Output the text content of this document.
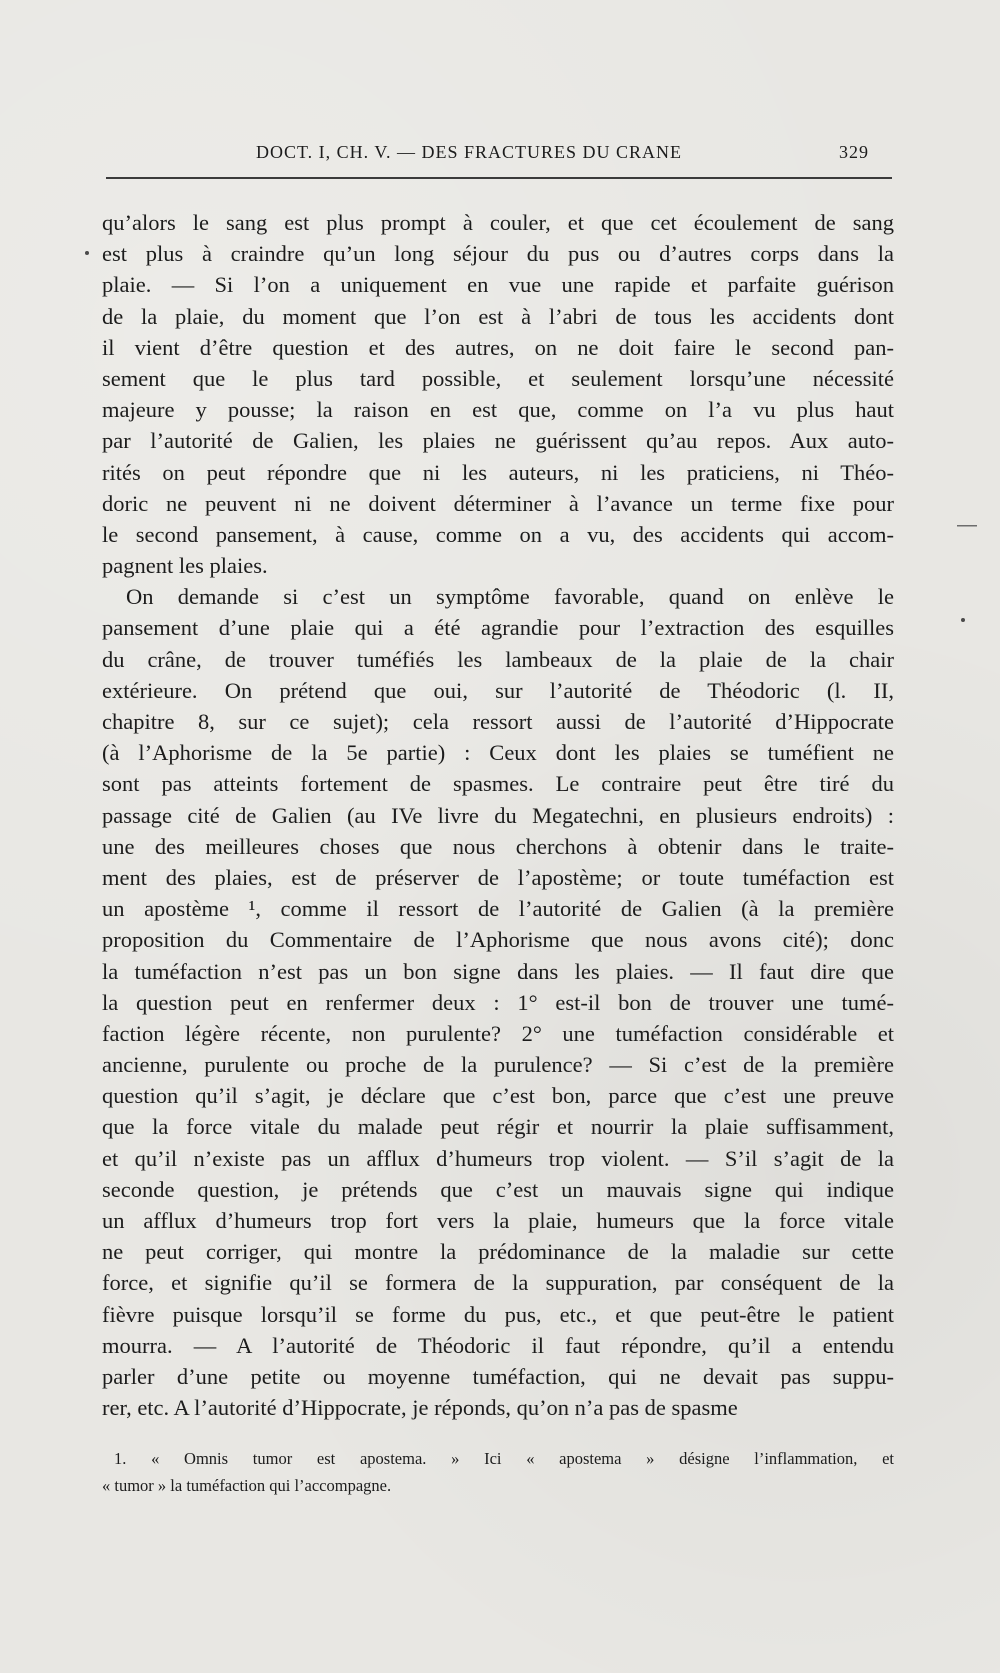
DOCT. I, CH. V. — DES FRACTURES DU CRANE	329
qu’alors le sang est plus prompt à couler, et que cet écoulement de sang
est plus à craindre qu’un long séjour du pus ou d’autres corps dans la
plaie. — Si l’on a uniquement en vue une rapide et parfaite guérison
de la plaie, du moment que l’on est à l’abri de tous les accidents dont
il vient d’être question et des autres, on ne doit faire le second pan-
sement que le plus tard possible, et seulement lorsqu’une nécessité
majeure y pousse; la raison en est que, comme on l’a vu plus haut
par l’autorité de Galien, les plaies ne guérissent qu’au repos. Aux auto-
rités on peut répondre que ni les auteurs, ni les praticiens, ni Théo-
doric ne peuvent ni ne doivent déterminer à l’avance un terme fixe pour
le second pansement, à cause, comme on a vu, des accidents qui accom-
pagnent les plaies.
On demande si c’est un symptôme favorable, quand on enlève le
pansement d’une plaie qui a été agrandie pour l’extraction des esquilles
du crâne, de trouver tuméfiés les lambeaux de la plaie de la chair
extérieure. On prétend que oui, sur l’autorité de Théodoric (l. II,
chapitre 8, sur ce sujet); cela ressort aussi de l’autorité d’Hippocrate
(à l’Aphorisme de la 5e partie) : Ceux dont les plaies se tuméfient ne
sont pas atteints fortement de spasmes. Le contraire peut être tiré du
passage cité de Galien (au IVe livre du Megatechni, en plusieurs endroits) :
une des meilleures choses que nous cherchons à obtenir dans le traite-
ment des plaies, est de préserver de l’apostème; or toute tuméfaction est
un apostème ¹, comme il ressort de l’autorité de Galien (à la première
proposition du Commentaire de l’Aphorisme que nous avons cité); donc
la tuméfaction n’est pas un bon signe dans les plaies. — Il faut dire que
la question peut en renfermer deux : 1° est-il bon de trouver une tumé-
faction légère récente, non purulente? 2° une tuméfaction considérable et
ancienne, purulente ou proche de la purulence? — Si c’est de la première
question qu’il s’agit, je déclare que c’est bon, parce que c’est une preuve
que la force vitale du malade peut régir et nourrir la plaie suffisamment,
et qu’il n’existe pas un afflux d’humeurs trop violent. — S’il s’agit de la
seconde question, je prétends que c’est un mauvais signe qui indique
un afflux d’humeurs trop fort vers la plaie, humeurs que la force vitale
ne peut corriger, qui montre la prédominance de la maladie sur cette
force, et signifie qu’il se formera de la suppuration, par conséquent de la
fièvre puisque lorsqu’il se forme du pus, etc., et que peut-être le patient
mourra. — A l’autorité de Théodoric il faut répondre, qu’il a entendu
parler d’une petite ou moyenne tuméfaction, qui ne devait pas suppu-
rer, etc. A l’autorité d’Hippocrate, je réponds, qu’on n’a pas de spasme
1. « Omnis tumor est apostema. » Ici « apostema » désigne l’inflammation, et
« tumor » la tuméfaction qui l’accompagne.
